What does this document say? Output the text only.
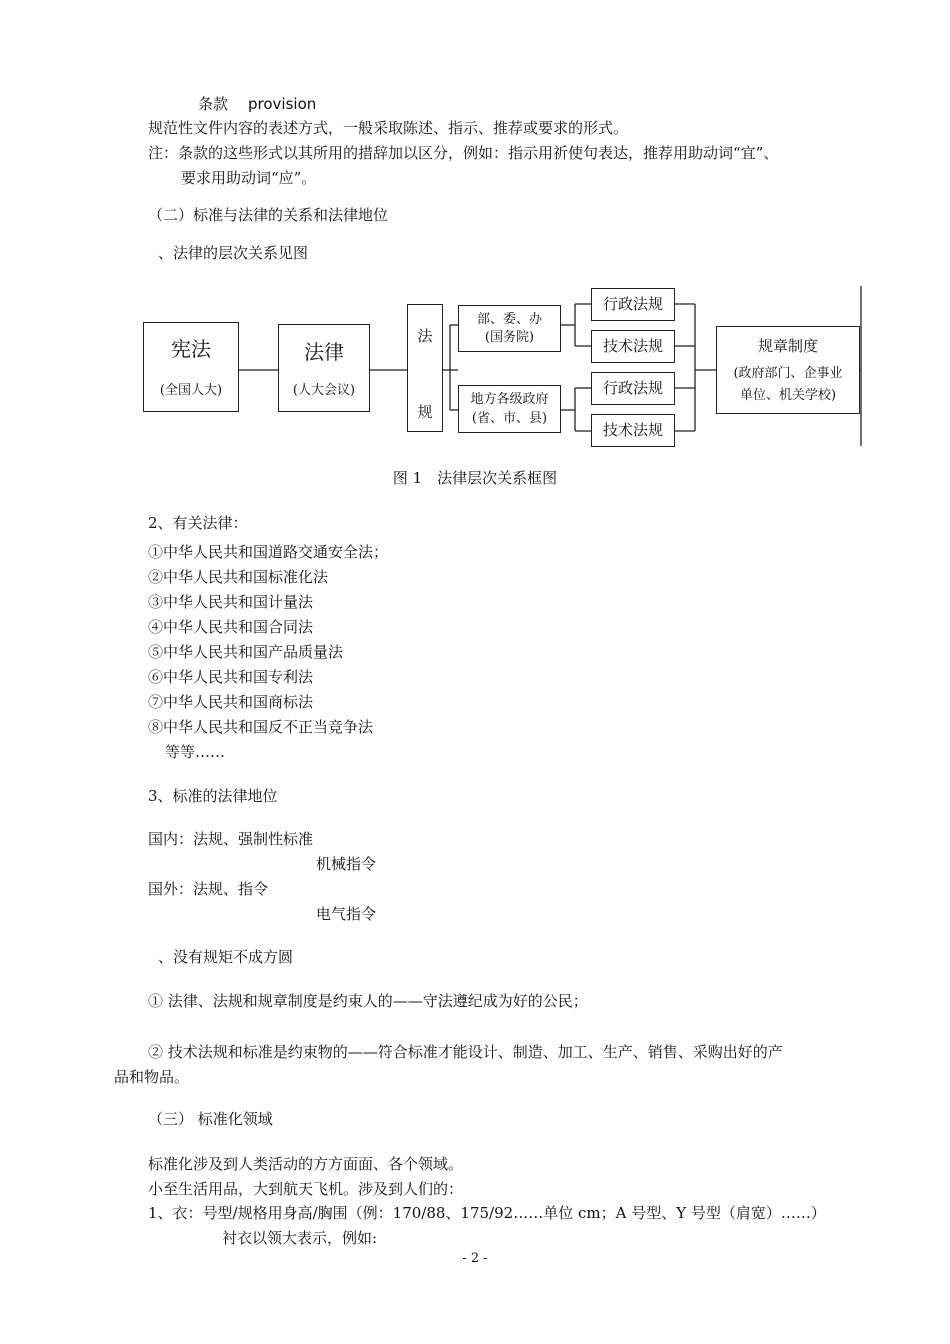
条款 provision
规范性文件内容的表述方式，一般采取陈述、指示、推荐或要求的形式。
注：条款的这些形式以其所用的措辞加以区分，例如：指示用祈使句表达，推荐用助动词“宜”、
要求用助动词“应”。
（二）标准与法律的关系和法律地位
、法律的层次关系见图
宪法
(全国人大)
法律
(人大会议)
法
规
部、委、办
(国务院)
地方各级政府
(省、市、县)
行政法规
技术法规
行政法规
技术法规
规章制度
(政府部门、企事业
单位、机关学校)
图 1　法律层次关系框图
2、有关法律：
①中华人民共和国道路交通安全法；
②中华人民共和国标准化法
③中华人民共和国计量法
④中华人民共和国合同法
⑤中华人民共和国产品质量法
⑥中华人民共和国专利法
⑦中华人民共和国商标法
⑧中华人民共和国反不正当竞争法
等等……
3、标准的法律地位
国内：法规、强制性标准
机械指令
国外：法规、指令
电气指令
、没有规矩不成方圆
① 法律、法规和规章制度是约束人的——守法遵纪成为好的公民；
② 技术法规和标准是约束物的——符合标准才能设计、制造、加工、生产、销售、采购出好的产
品和物品。
（三） 标准化领域
标准化涉及到人类活动的方方面面、各个领域。
小至生活用品，大到航天飞机。涉及到人们的：
1、衣：号型/规格用身高/胸围（例：170/88、175/92……单位 cm；A 号型、Y 号型（肩宽）……）
衬衣以领大表示，例如:
- 2 -
